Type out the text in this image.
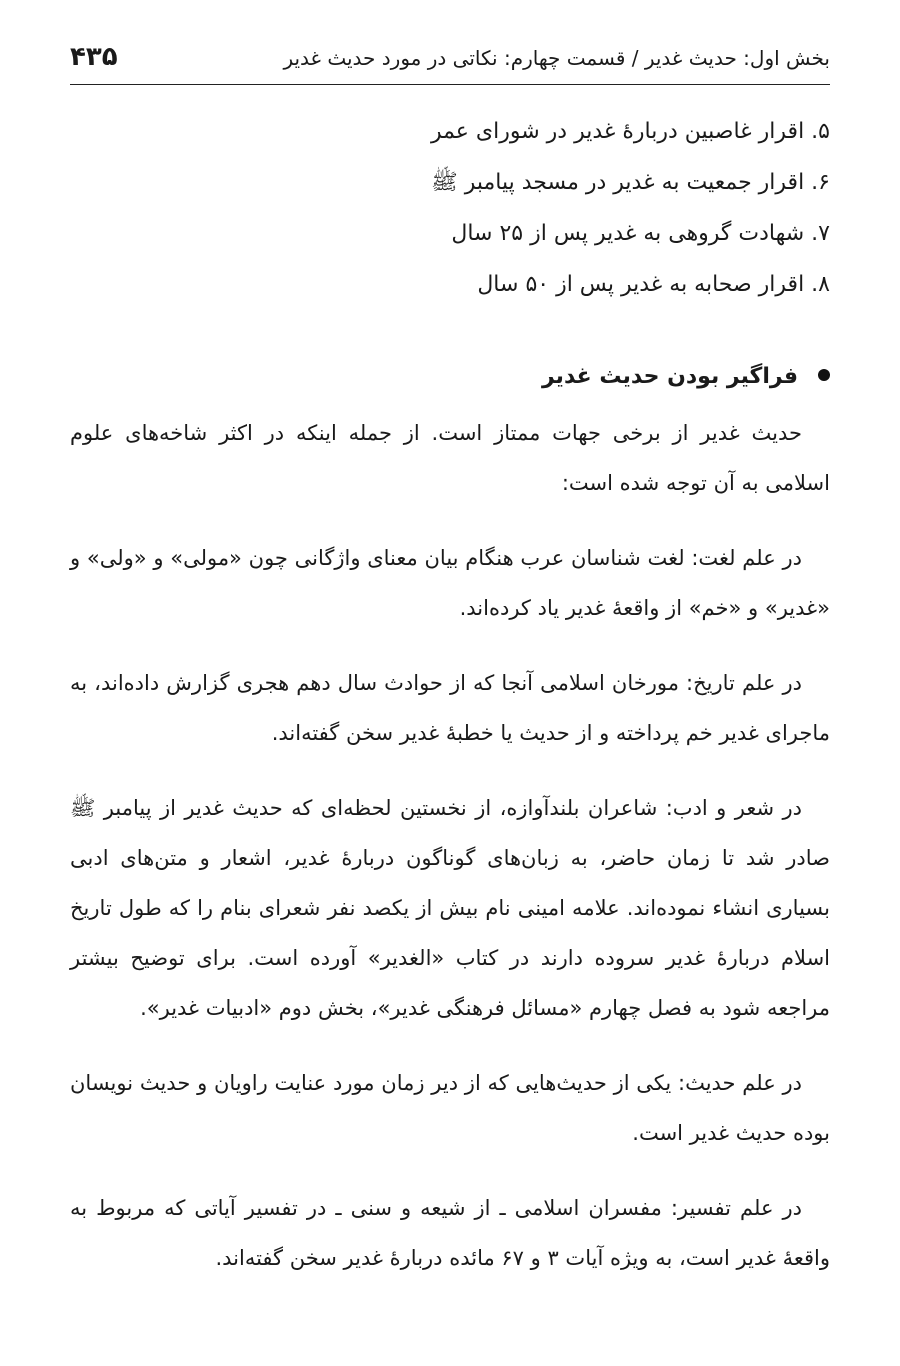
بخش اول: حدیث غدیر / قسمت چهارم: نکاتی در مورد حدیث غدیر
۴۳۵
۵. اقرار غاصبین دربارهٔ غدیر در شورای عمر
۶. اقرار جمعیت به غدیر در مسجد پیامبر ﷺ
۷. شهادت گروهی به غدیر پس از ۲۵ سال
۸. اقرار صحابه به غدیر پس از ۵۰ سال
فراگیر بودن حدیث غدیر

حدیث غدیر از برخی جهات ممتاز است. از جمله اینکه در اکثر شاخه‌های علوم اسلامی به آن توجه شده است:

در علم لغت: لغت شناسان عرب هنگام بیان معنای واژگانی چون «مولی» و «ولی» و «غدیر» و «خم» از واقعهٔ غدیر یاد کرده‌اند.

در علم تاریخ: مورخان اسلامی آنجا که از حوادث سال دهم هجری گزارش داده‌اند، به ماجرای غدیر خم پرداخته و از حدیث یا خطبهٔ غدیر سخن گفته‌اند.

در شعر و ادب: شاعران بلندآوازه، از نخستین لحظه‌ای که حدیث غدیر از پیامبر ﷺ صادر شد تا زمان حاضر، به زبان‌های گوناگون دربارهٔ غدیر، اشعار و متن‌های ادبی بسیاری انشاء نموده‌اند. علامه امینی نام بیش از یکصد نفر شعرای بنام را که طول تاریخ اسلام دربارهٔ غدیر سروده دارند در کتاب «الغدیر» آورده است. برای توضیح بیشتر مراجعه شود به فصل چهارم «مسائل فرهنگی غدیر»، بخش دوم «ادبیات غدیر».

در علم حدیث: یکی از حدیث‌هایی که از دیر زمان مورد عنایت راویان و حدیث نویسان بوده حدیث غدیر است.

در علم تفسیر: مفسران اسلامی ـ از شیعه و سنی ـ در تفسیر آیاتی که مربوط به واقعهٔ غدیر است، به ویژه آیات ۳ و ۶۷ مائده دربارهٔ غدیر سخن گفته‌اند.
